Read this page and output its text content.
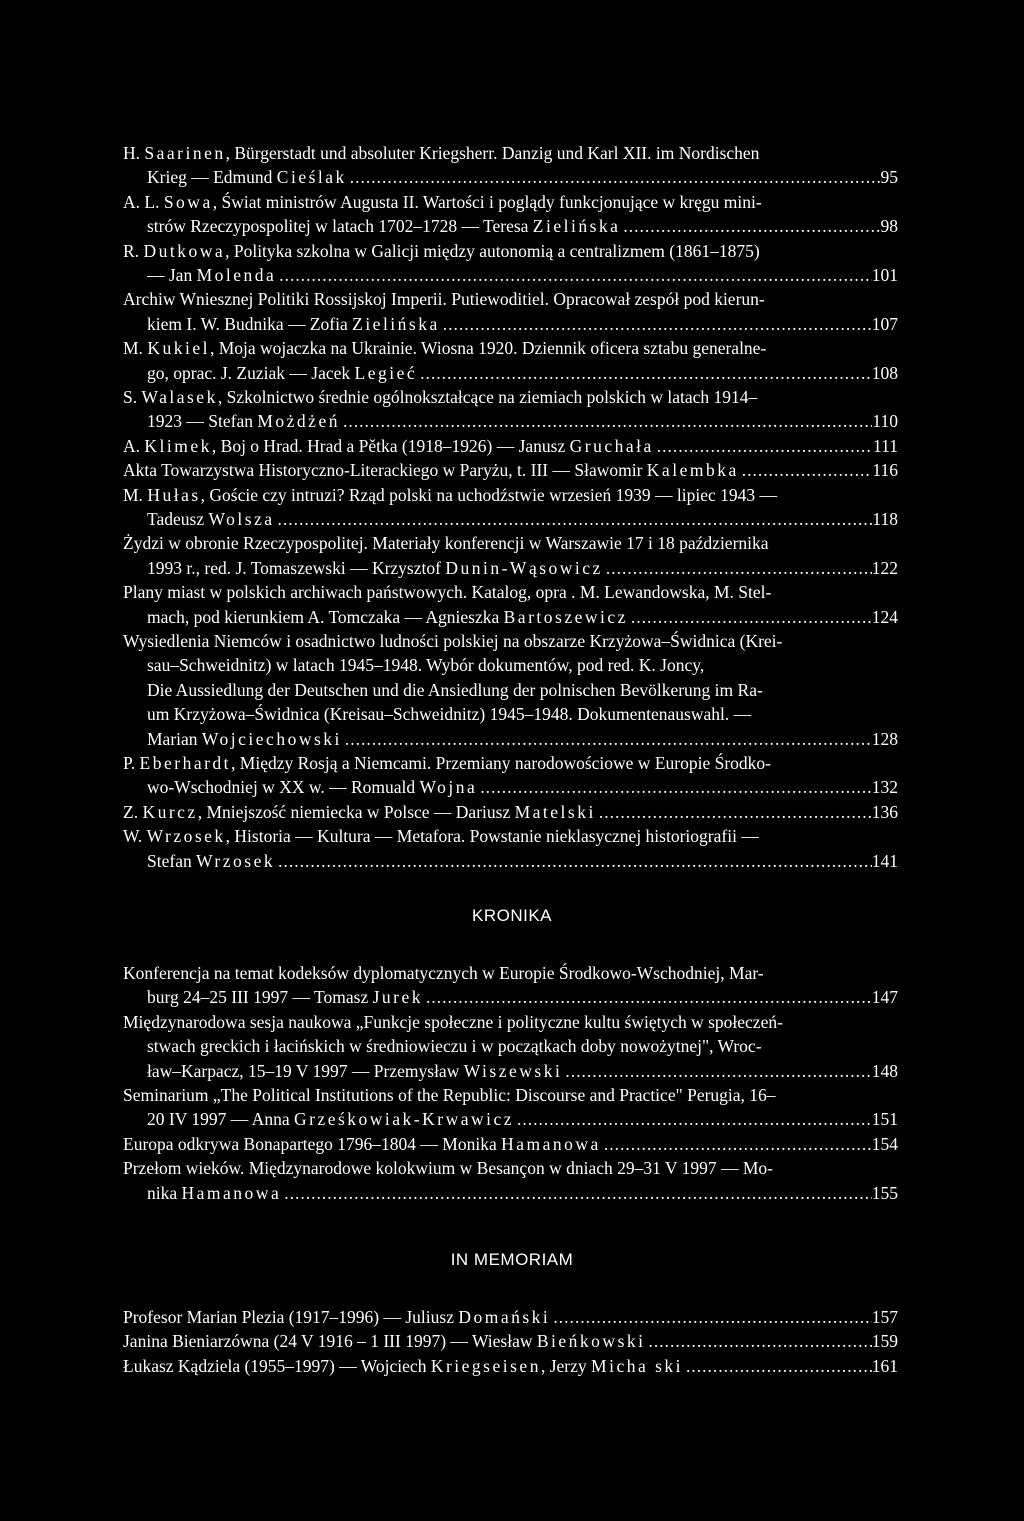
H. Saarinen, Bürgerstadt und absoluter Kriegsherr. Danzig und Karl XII. im Nordischen
Krieg — Edmund Cieślak .....	95
A. L. Sowa, Świat ministrów Augusta II. Wartości i poglądy funkcjonujące w kręgu mini-
strów Rzeczypospolitej w latach 1702–1728 — Teresa Zielińska .....	98
R. Dutkowa, Polityka szkolna w Galicji między autonomią a centralizmem (1861–1875)
— Jan Molenda .....	101
Archiw Wniesznej Politiki Rossijskoj Imperii. Putiewoditiel. Opracował zespół pod kierun-
kiem I. W. Budnika — Zofia Zielińska .....	107
M. Kukiel, Moja wojaczka na Ukrainie. Wiosna 1920. Dziennik oficera sztabu generalne-
go, oprac. J. Zuziak — Jacek Legieć .....	108
S. Walasek, Szkolnictwo średnie ogólnokształcące na ziemiach polskich w latach 1914–
1923 — Stefan Możdżeń .....	110
A. Klimek, Boj o Hrad. Hrad a Pětka (1918–1926) — Janusz Gruchała .....	111
Akta Towarzystwa Historyczno-Literackiego w Paryżu, t. III — Sławomir Kalembka .....	116
M. Hułas, Goście czy intruzi? Rząd polski na uchodźstwie wrzesień 1939 — lipiec 1943 —
Tadeusz Wolsza .....	118
Żydzi w obronie Rzeczypospolitej. Materiały konferencji w Warszawie 17 i 18 października
1993 r., red. J. Tomaszewski — Krzysztof Dunin-Wąsowicz .....	122
Plany miast w polskich archiwach państwowych. Katalog, opra . M. Lewandowska, M. Stel-
mach, pod kierunkiem A. Tomczaka — Agnieszka Bartoszewicz .....	124
Wysiedlenia Niemców i osadnictwo ludności polskiej na obszarze Krzyżowa–Świdnica (Krei-
sau–Schweidnitz) w latach 1945–1948. Wybór dokumentów, pod red. K. Joncy,
Die Aussiedlung der Deutschen und die Ansiedlung der polnischen Bevölkerung im Ra-
um Krzyżowa–Świdnica (Kreisau–Schweidnitz) 1945–1948. Dokumentenauswahl. —
Marian Wojciechowski .....	128
P. Eberhardt, Między Rosją a Niemcami. Przemiany narodowościowe w Europie Środko-
wo-Wschodniej w XX w. — Romuald Wojna .....	132
Z. Kurcz, Mniejszość niemiecka w Polsce — Dariusz Matelski .....	136
W. Wrzosek, Historia — Kultura — Metafora. Powstanie nieklasycznej historiografii —
Stefan Wrzosek .....	141
Konferencja na temat kodeksów dyplomatycznych w Europie Środkowo-Wschodniej, Mar-
burg 24–25 III 1997 — Tomasz Jurek .....	147
Międzynarodowa sesja naukowa „Funkcje społeczne i polityczne kultu świętych w społeczeń-
stwach greckich i łacińskich w średniowieczu i w początkach doby nowożytnej", Wroc-
ław–Karpacz, 15–19 V 1997 — Przemysław Wiszewski .....	148
Seminarium „The Political Institutions of the Republic: Discourse and Practice" Perugia, 16–
20 IV 1997 — Anna Grześkowiak-Krwawicz .....	151
Europa odkrywa Bonapartego 1796–1804 — Monika Hamanowa .....	154
Przełom wieków. Międzynarodowe kolokwium w Besançon w dniach 29–31 V 1997 — Mo-
nika Hamanowa .....	155
Profesor Marian Plezia (1917–1996) — Juliusz Domański .....	157
Janina Bieniarzówna (24 V 1916 – 1 III 1997) — Wiesław Bieńkowski .....	159
Łukasz Kądziela (1955–1997) — Wojciech Kriegseisen, Jerzy Micha ski .....	161
KRONIKA
IN MEMORIAM
